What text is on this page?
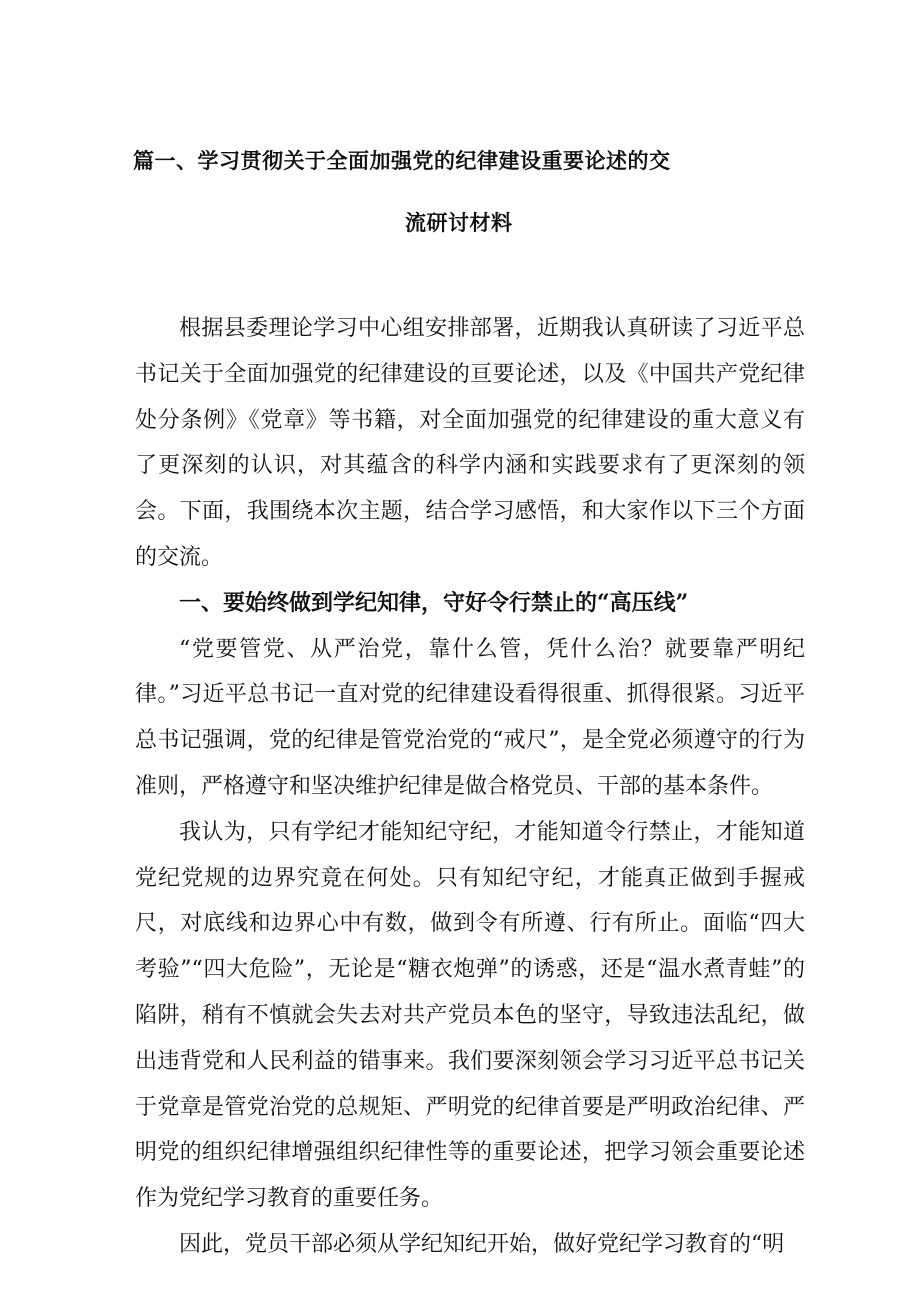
篇一、学习贯彻关于全面加强党的纪律建设重要论述的交
流研讨材料

根据县委理论学习中心组安排部署，近期我认真研读了习近平总书记关于全面加强党的纪律建设的亘要论述，以及《中国共产党纪律处分条例》《党章》等书籍，对全面加强党的纪律建设的重大意义有了更深刻的认识，对其蕴含的科学内涵和实践要求有了更深刻的领会。下面，我围绕本次主题，结合学习感悟，和大家作以下三个方面的交流。

一、要始终做到学纪知律，守好令行禁止的“高压线”

“党要管党、从严治党，靠什么管，凭什么治？就要靠严明纪律。”习近平总书记一直对党的纪律建设看得很重、抓得很紧。习近平总书记强调，党的纪律是管党治党的“戒尺”，是全党必须遵守的行为准则，严格遵守和坚决维护纪律是做合格党员、干部的基本条件。

我认为，只有学纪才能知纪守纪，才能知道令行禁止，才能知道党纪党规的边界究竟在何处。只有知纪守纪，才能真正做到手握戒尺，对底线和边界心中有数，做到令有所遵、行有所止。面临“四大考验”“四大危险”，无论是“糖衣炮弹”的诱惑，还是“温水煮青蛙”的陷阱，稍有不慎就会失去对共产党员本色的坚守，导致违法乱纪，做出违背党和人民利益的错事来。我们要深刻领会学习习近平总书记关于党章是管党治党的总规矩、严明党的纪律首要是严明政治纪律、严明党的组织纪律增强组织纪律性等的重要论述，把学习领会重要论述作为党纪学习教育的重要任务。

因此，党员干部必须从学纪知纪开始，做好党纪学习教育的“明
